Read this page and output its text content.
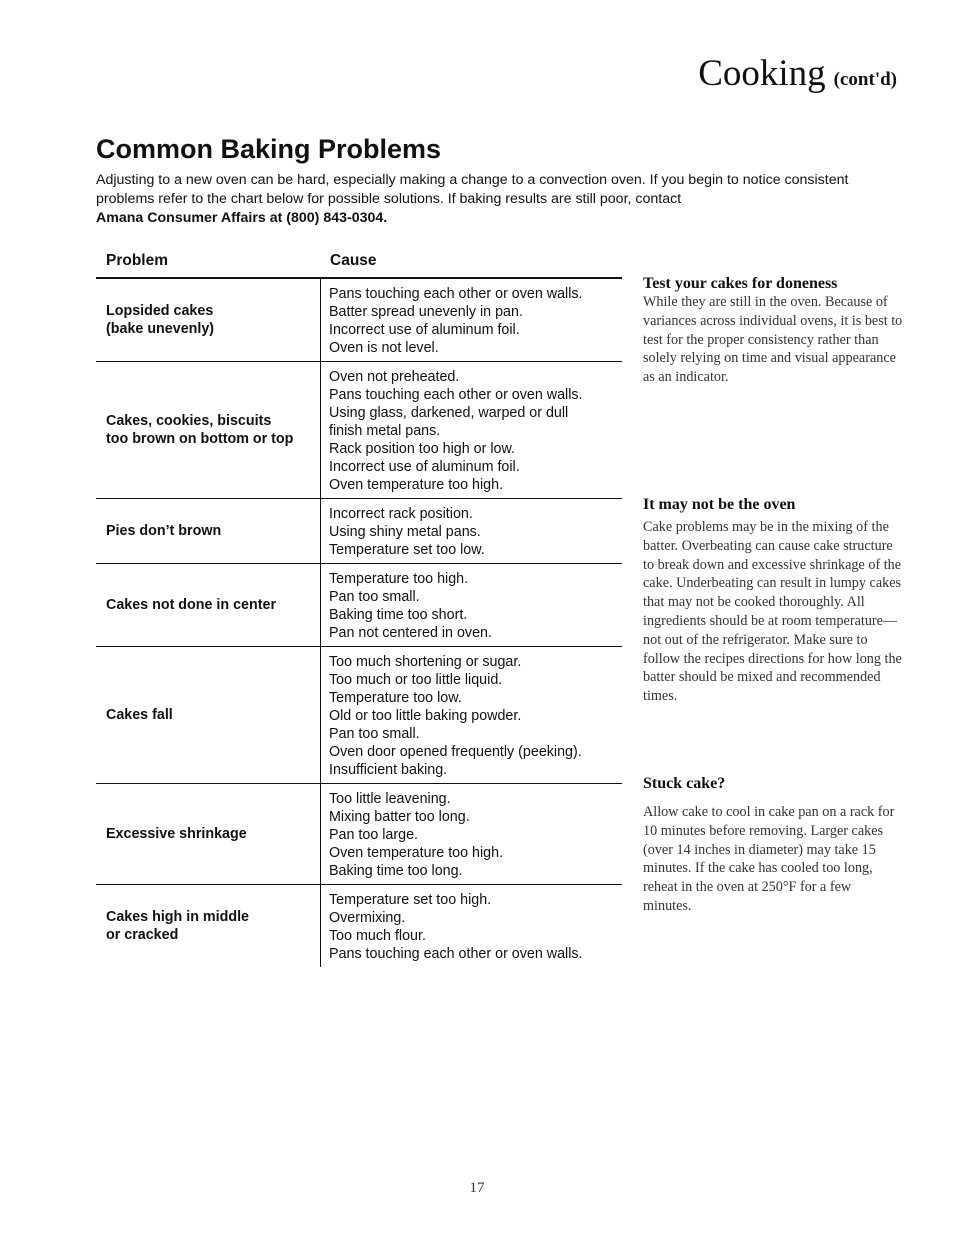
Cooking (cont'd)
Common Baking Problems

Adjusting to a new oven can be hard, especially making a change to a convection oven. If you begin to notice consistent problems refer to the chart below for possible solutions. If baking results are still poor, contact
Amana Consumer Affairs at (800) 843-0304.

Problem	Cause
Lopsided cakes
(bake unevenly)
Pans touching each other or oven walls.
Batter spread unevenly in pan.
Incorrect use of aluminum foil.
Oven is not level.
Cakes, cookies, biscuits
too brown on bottom or top
Oven not preheated.
Pans touching each other or oven walls.
Using glass, darkened, warped or dull
finish metal pans.
Rack position too high or low.
Incorrect use of aluminum foil.
Oven temperature too high.
Pies don’t brown
Incorrect rack position.
Using shiny metal pans.
Temperature set too low.
Cakes not done in center
Temperature too high.
Pan too small.
Baking time too short.
Pan not centered in oven.
Cakes fall
Too much shortening or sugar.
Too much or too little liquid.
Temperature too low.
Old or too little baking powder.
Pan too small.
Oven door opened frequently (peeking).
Insufficient baking.
Excessive shrinkage
Too little leavening.
Mixing batter too long.
Pan too large.
Oven temperature too high.
Baking time too long.
Cakes high in middle
or cracked
Temperature set too high.
Overmixing.
Too much flour.
Pans touching each other or oven walls.
Test your cakes for doneness

While they are still in the oven. Because of variances across individual ovens, it is best to test for the proper consistency rather than solely relying on time and visual appearance as an indicator.

It may not be the oven

Cake problems may be in the mixing of the batter. Overbeating can cause cake structure to break down and excessive shrinkage of the cake. Underbeating can result in lumpy cakes that may not be cooked thoroughly. All ingredients should be at room temperature—not out of the refrigerator. Make sure to follow the recipes directions for how long the batter should be mixed and recommended times.

Stuck cake?

Allow cake to cool in cake pan on a rack for 10 minutes before removing. Larger cakes (over 14 inches in diameter) may take 15 minutes. If the cake has cooled too long, reheat in the oven at 250°F for a few minutes.

17
